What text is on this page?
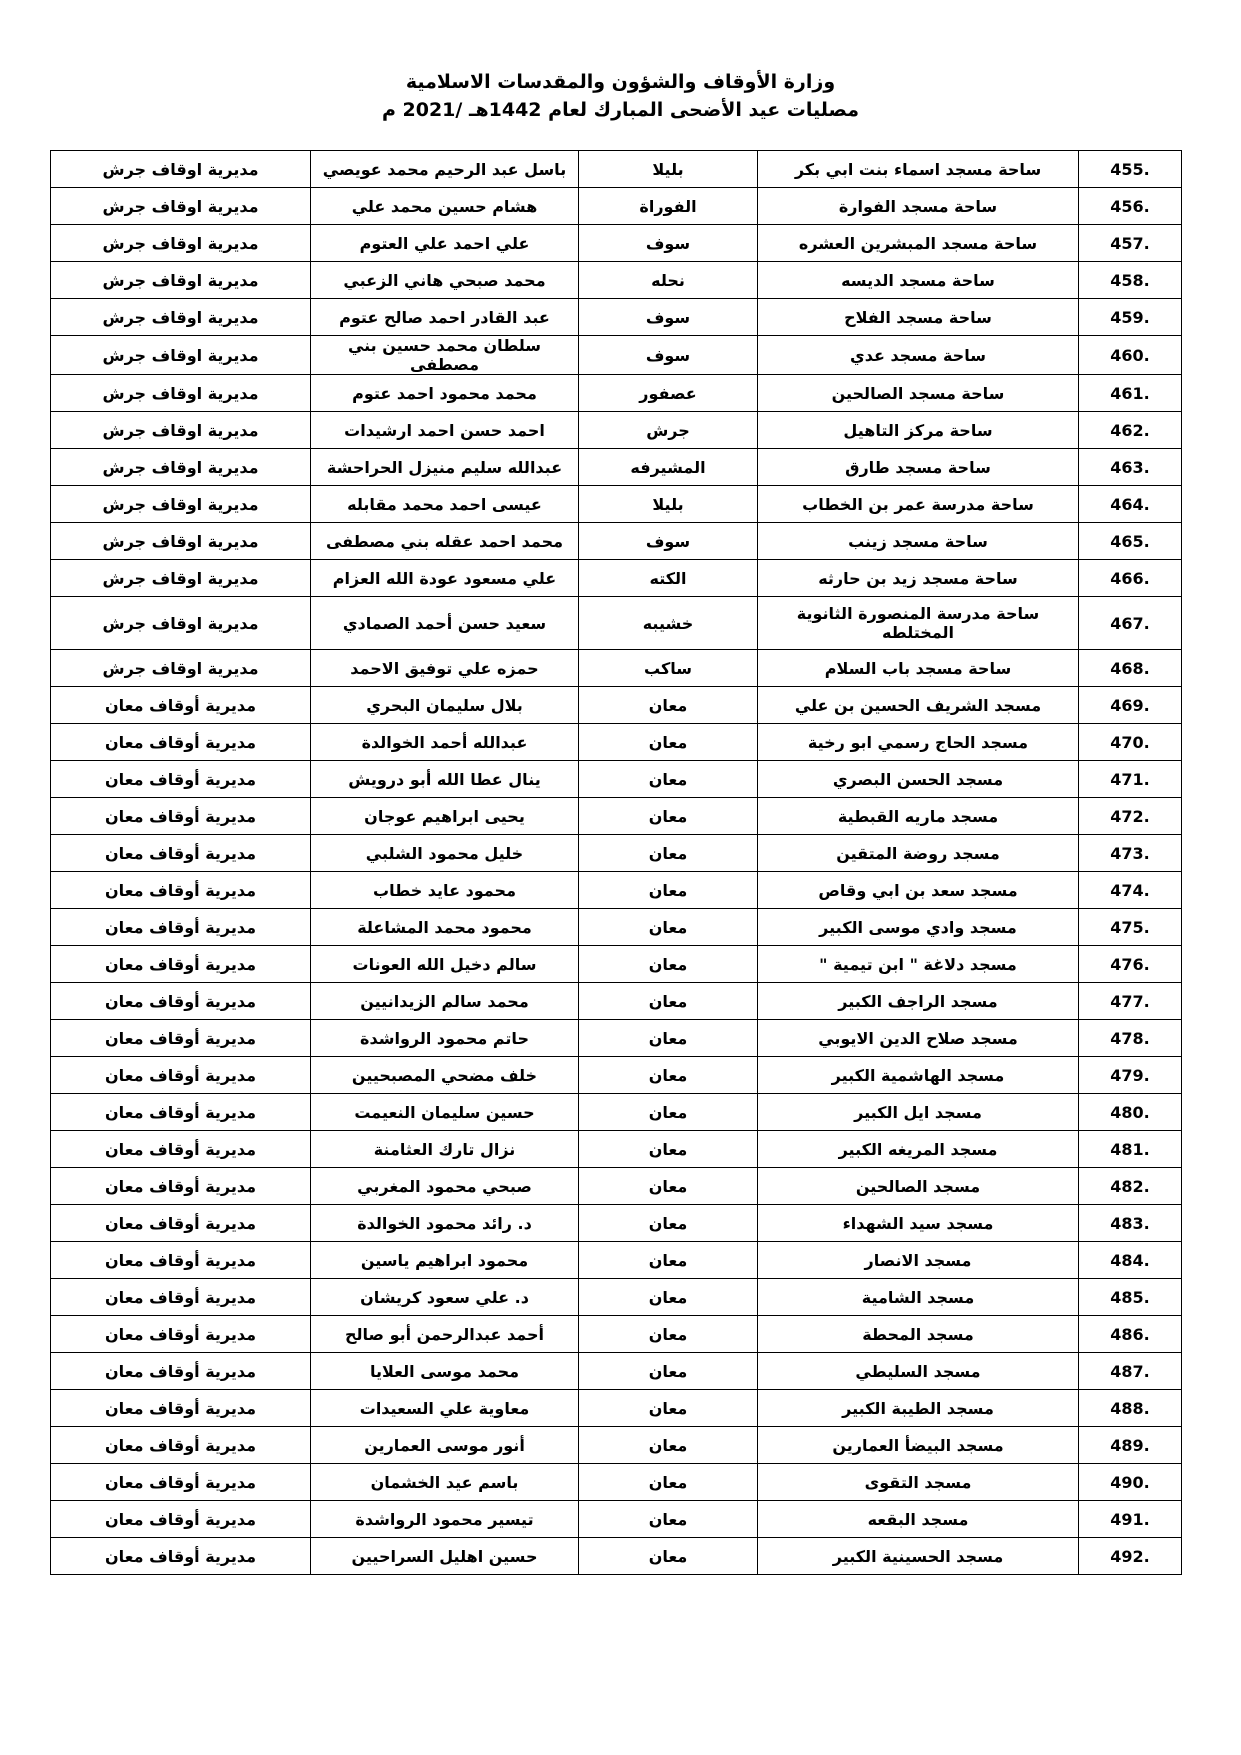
وزارة الأوقاف والشؤون والمقدسات الاسلامية
مصليات عيد الأضحى المبارك لعام 1442هـ /2021 م
.455	ساحة مسجد اسماء بنت ابي بكر	بليلا	باسل عبد الرحيم محمد عويصي	مديرية اوقاف جرش
.456	ساحة مسجد الفوارة	الفوراة	هشام حسين محمد علي	مديرية اوقاف جرش
.457	ساحة مسجد المبشرين العشره	سوف	علي احمد علي العتوم	مديرية اوقاف جرش
.458	ساحة مسجد الديسه	نحله	محمد صبحي هاني الزعبي	مديرية اوقاف جرش
.459	ساحة مسجد الفلاح	سوف	عبد القادر احمد صالح عتوم	مديرية اوقاف جرش
.460	ساحة مسجد عدي	سوف	سلطان محمد حسين بني مصطفى	مديرية اوقاف جرش
.461	ساحة مسجد الصالحين	عصفور	محمد محمود احمد عتوم	مديرية اوقاف جرش
.462	ساحة مركز التاهيل	جرش	احمد حسن احمد ارشيدات	مديرية اوقاف جرش
.463	ساحة مسجد طارق	المشيرفه	عبدالله سليم منيزل الحراحشة	مديرية اوقاف جرش
.464	ساحة مدرسة عمر بن الخطاب	بليلا	عيسى احمد محمد مقابله	مديرية اوقاف جرش
.465	ساحة مسجد زينب	سوف	محمد احمد عقله بني مصطفى	مديرية اوقاف جرش
.466	ساحة مسجد زيد بن حارثه	الكته	علي مسعود عودة الله العزام	مديرية اوقاف جرش
.467	ساحة مدرسة المنصورة الثانوية المختلطه	خشيبه	سعيد حسن أحمد الصمادي	مديرية اوقاف جرش
.468	ساحة مسجد باب السلام	ساكب	حمزه علي توفيق الاحمد	مديرية اوقاف جرش
.469	مسجد الشريف الحسين بن علي	معان	بلال سليمان البحري	مديرية أوقاف معان
.470	مسجد الحاج رسمي ابو رخية	معان	عبدالله أحمد الخوالدة	مديرية أوقاف معان
.471	مسجد الحسن البصري	معان	ينال عطا الله أبو درويش	مديرية أوقاف معان
.472	مسجد ماريه القبطية	معان	يحيى ابراهيم عوجان	مديرية أوقاف معان
.473	مسجد روضة المتقين	معان	خليل محمود الشلبي	مديرية أوقاف معان
.474	مسجد سعد بن ابي وقاص	معان	محمود عايد خطاب	مديرية أوقاف معان
.475	مسجد وادي موسى الكبير	معان	محمود محمد المشاعلة	مديرية أوقاف معان
.476	مسجد دلاغة " ابن تيمية "	معان	سالم دخيل الله العونات	مديرية أوقاف معان
.477	مسجد الراجف الكبير	معان	محمد سالم الزيدانيين	مديرية أوقاف معان
.478	مسجد صلاح الدين الايوبي	معان	حاتم محمود الرواشدة	مديرية أوقاف معان
.479	مسجد الهاشمية الكبير	معان	خلف مضحي المصبحيين	مديرية أوقاف معان
.480	مسجد ايل الكبير	معان	حسين سليمان النعيمت	مديرية أوقاف معان
.481	مسجد المريغه الكبير	معان	نزال تارك العثامنة	مديرية أوقاف معان
.482	مسجد الصالحين	معان	صبحي محمود المغربي	مديرية أوقاف معان
.483	مسجد سيد الشهداء	معان	د. رائد محمود الخوالدة	مديرية أوقاف معان
.484	مسجد الانصار	معان	محمود ابراهيم ياسين	مديرية أوقاف معان
.485	مسجد الشامية	معان	د. علي سعود كريشان	مديرية أوقاف معان
.486	مسجد المحطة	معان	أحمد عبدالرحمن أبو صالح	مديرية أوقاف معان
.487	مسجد السليطي	معان	محمد موسى العلايا	مديرية أوقاف معان
.488	مسجد الطيبة الكبير	معان	معاوية علي السعيدات	مديرية أوقاف معان
.489	مسجد البيضأ العمارين	معان	أنور موسى العمارين	مديرية أوقاف معان
.490	مسجد التقوى	معان	باسم عيد الخشمان	مديرية أوقاف معان
.491	مسجد البقعه	معان	تيسير محمود الرواشدة	مديرية أوقاف معان
.492	مسجد الحسينية الكبير	معان	حسين اهليل السراحيين	مديرية أوقاف معان
